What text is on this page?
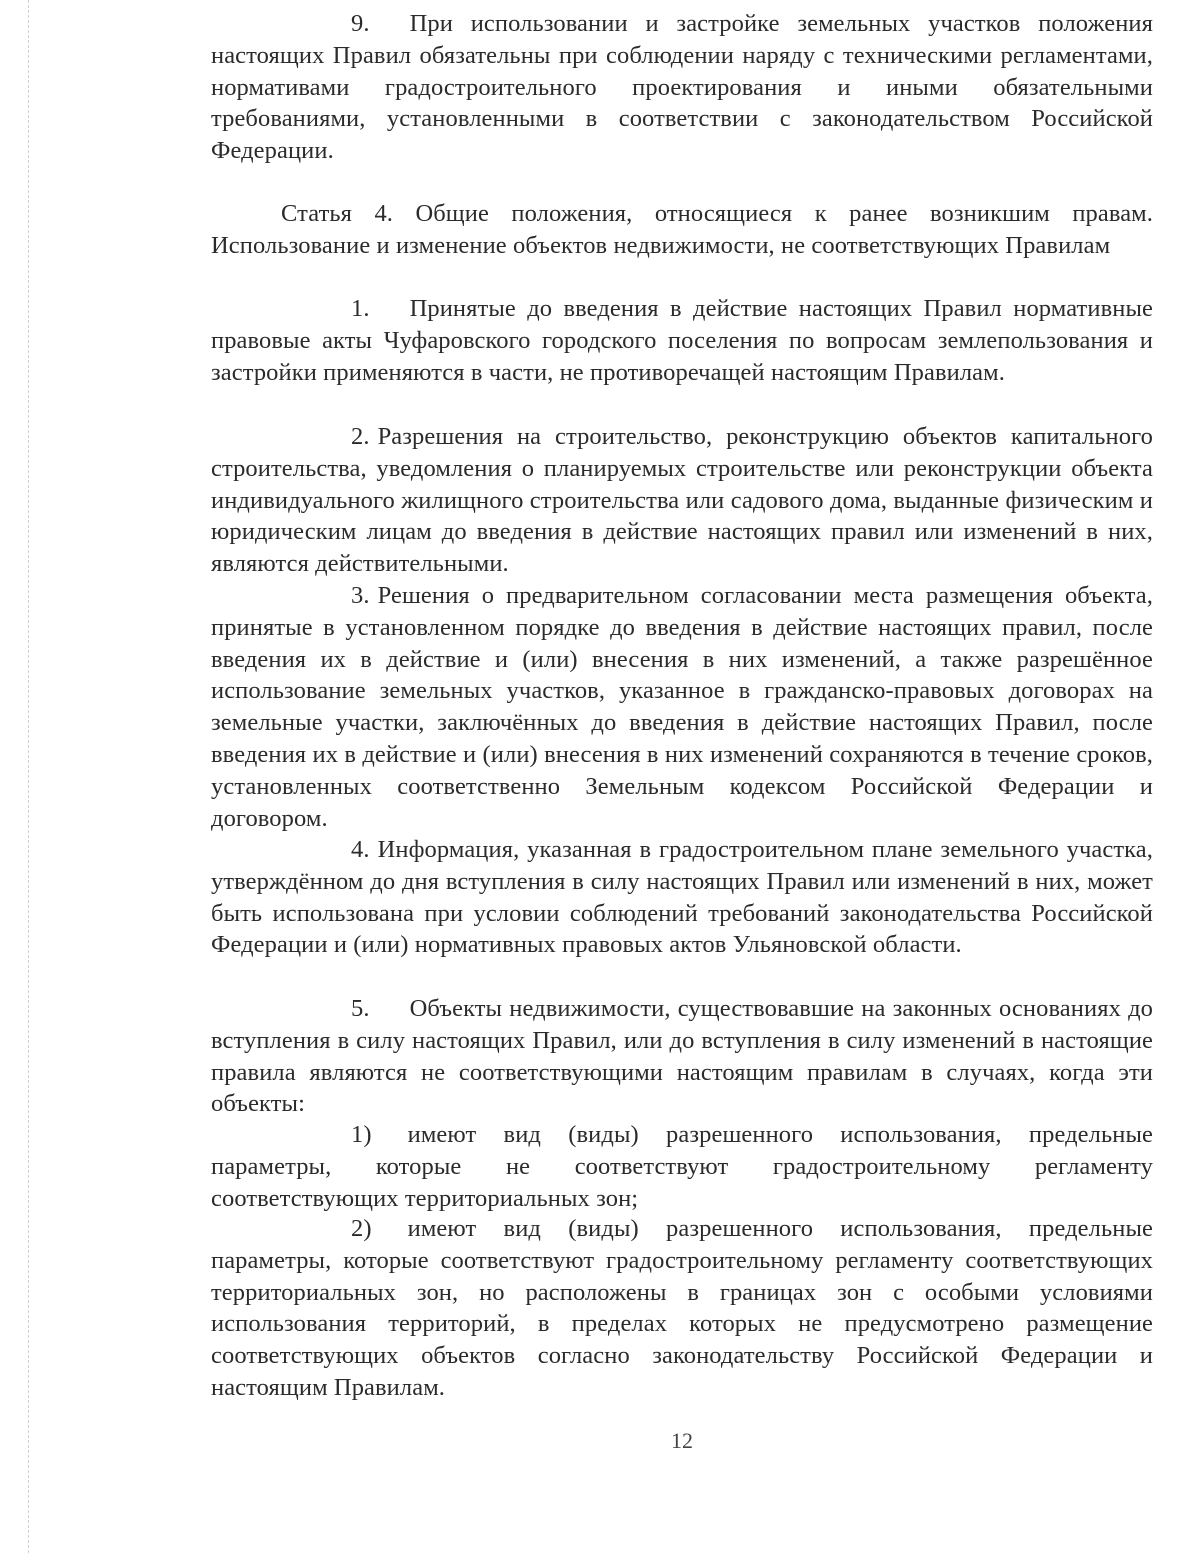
9. При использовании и застройке земельных участков положения настоящих Правил обязательны при соблюдении наряду с техническими регламентами, нормативами градостроительного проектирования и иными обязательными требованиями, установленными в соответствии с законодательством Российской Федерации.

Статья 4. Общие положения, относящиеся к ранее возникшим правам. Использование и изменение объектов недвижимости, не соответствующих Правилам

1. Принятые до введения в действие настоящих Правил нормативные правовые акты Чуфаровского городского поселения по вопросам землепользования и застройки применяются в части, не противоречащей настоящим Правилам.

2. Разрешения на строительство, реконструкцию объектов капитального строительства, уведомления о планируемых строительстве или реконструкции объекта индивидуального жилищного строительства или садового дома, выданные физическим и юридическим лицам до введения в действие настоящих правил или изменений в них, являются действительными.

3. Решения о предварительном согласовании места размещения объекта, принятые в установленном порядке до введения в действие настоящих правил, после введения их в действие и (или) внесения в них изменений, а также разрешённое использование земельных участков, указанное в гражданско-правовых договорах на земельные участки, заключённых до введения в действие настоящих Правил, после введения их в действие и (или) внесения в них изменений сохраняются в течение сроков, установленных соответственно Земельным кодексом Российской Федерации и договором.

4. Информация, указанная в градостроительном плане земельного участка, утверждённом до дня вступления в силу настоящих Правил или изменений в них, может быть использована при условии соблюдений требований законодательства Российской Федерации и (или) нормативных правовых актов Ульяновской области.

5. Объекты недвижимости, существовавшие на законных основаниях до вступления в силу настоящих Правил, или до вступления в силу изменений в настоящие правила являются не соответствующими настоящим правилам в случаях, когда эти объекты:

1) имеют вид (виды) разрешенного использования, предельные параметры, которые не соответствуют градостроительному регламенту соответствующих территориальных зон;

2) имеют вид (виды) разрешенного использования, предельные параметры, которые соответствуют градостроительному регламенту соответствующих территориальных зон, но расположены в границах зон с особыми условиями использования территорий, в пределах которых не предусмотрено размещение соответствующих объектов согласно законодательству Российской Федерации и настоящим Правилам.

12
